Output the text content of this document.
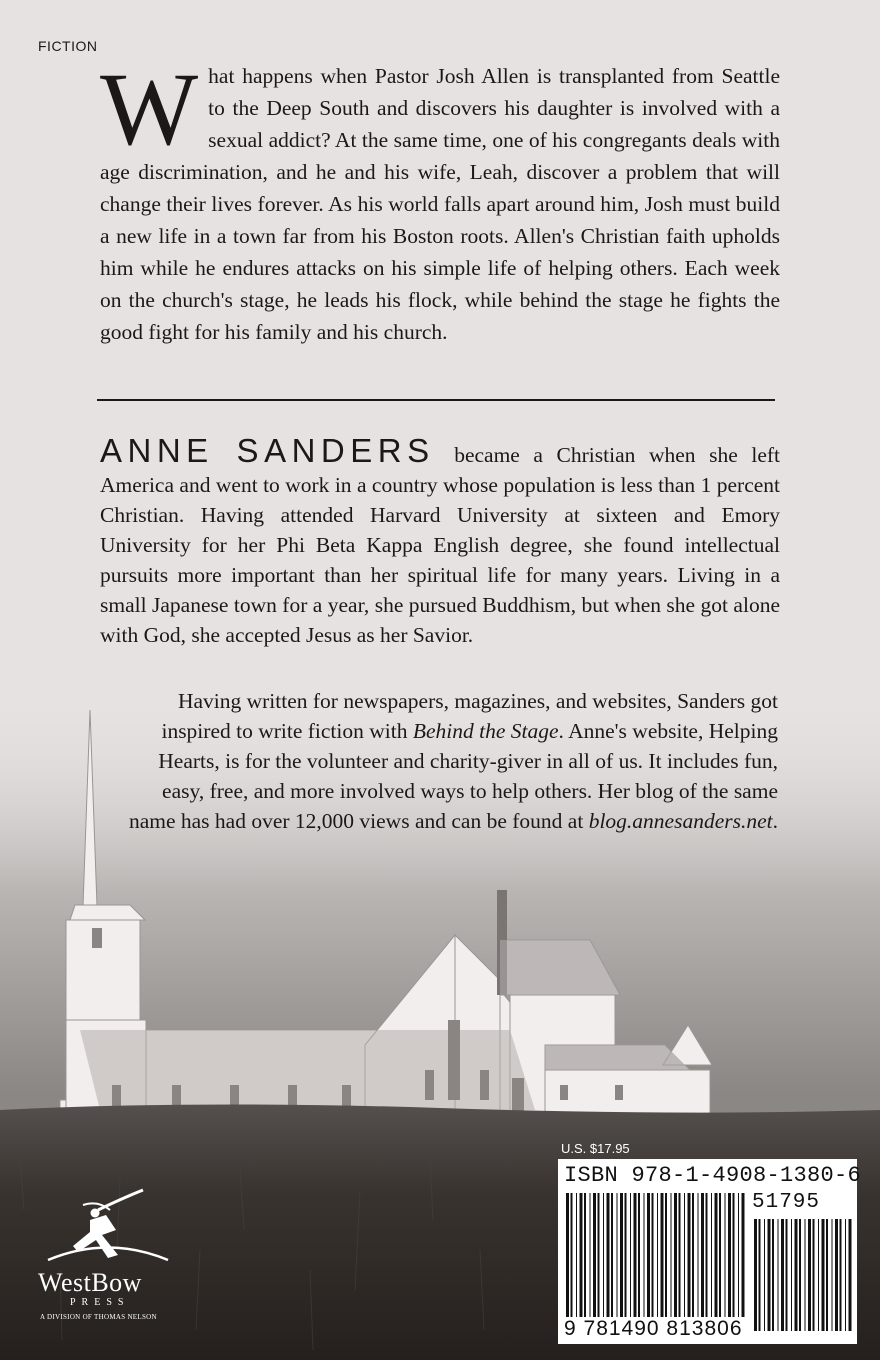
FICTION
W hat happens when Pastor Josh Allen is transplanted from Seattle to the Deep South and discovers his daughter is involved with a sexual addict? At the same time, one of his congregants deals with age discrimination, and he and his wife, Leah, discover a problem that will change their lives forever. As his world falls apart around him, Josh must build a new life in a town far from his Boston roots. Allen's Christian faith upholds him while he endures attacks on his simple life of helping others. Each week on the church's stage, he leads his flock, while behind the stage he fights the good fight for his family and his church.
ANNE SANDERS became a Christian when she left America and went to work in a country whose population is less than 1 percent Christian. Having attended Harvard University at sixteen and Emory University for her Phi Beta Kappa English degree, she found intellectual pursuits more important than her spiritual life for many years. Living in a small Japanese town for a year, she pursued Buddhism, but when she got alone with God, she accepted Jesus as her Savior.
Having written for newspapers, magazines, and websites, Sanders got inspired to write fiction with Behind the Stage. Anne's website, Helping Hearts, is for the volunteer and charity-giver in all of us. It includes fun, easy, free, and more involved ways to help others. Her blog of the same name has had over 12,000 views and can be found at blog.annesanders.net.
U.S. $17.95
ISBN 978-1-4908-1380-6
51795
9 781490 813806
WestBow
PRESS
A DIVISION OF THOMAS NELSON
